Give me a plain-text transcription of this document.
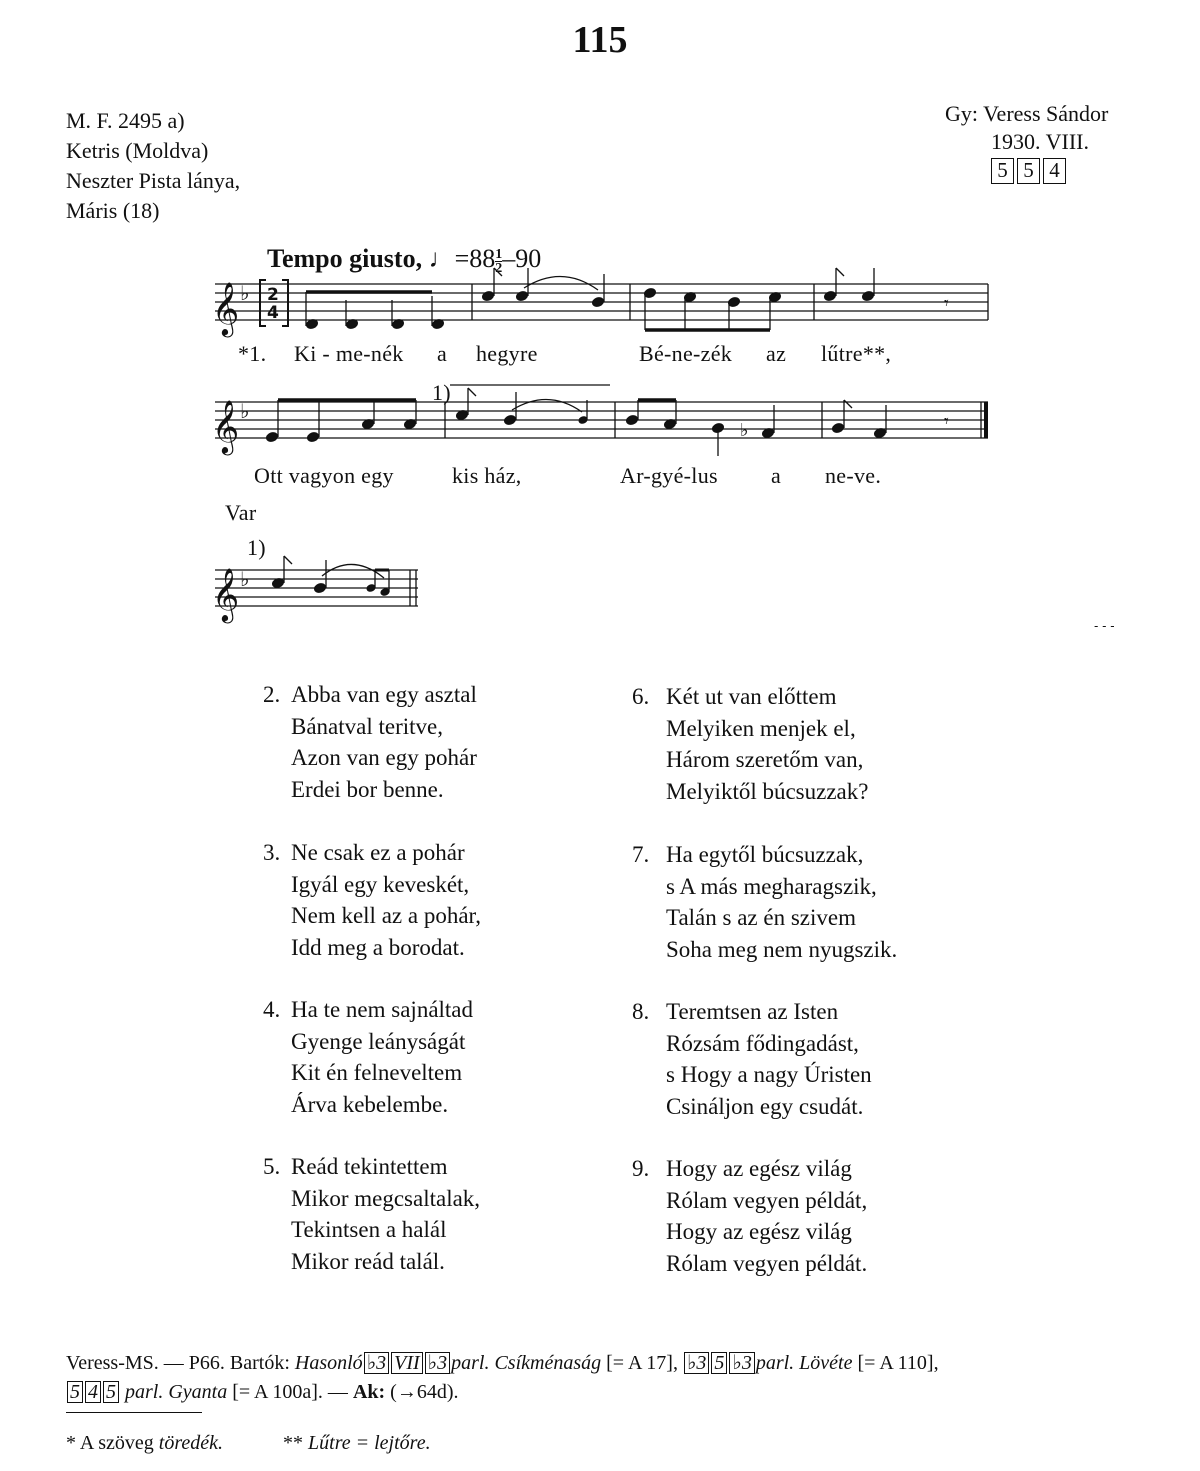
115
M. F. 2495 a)
Ketris (Moldva)
Neszter Pista lánya,
Máris (18)
Gy: Veress Sándor
1930. VIII.
5 5 4
Tempo giusto, ♩=88 $\frac{1}{2} -90$
𝄞
𝄞
𝄞
♭
♭
♭
2
4	𝄾
𝄾
♭
- - -
*1. Ki - me-nék a hegyre	Bé-ne-zék az lűtre**,
1)
Ott vagyon egy	kis ház,	Ar-gyé-lus a ne-ve.
Var
1)
2. Abba van egy asztal
Bánatval teritve,
Azon van egy pohár
Erdei bor benne.
3. Ne csak ez a pohár
Igyál egy keveskét,
Nem kell az a pohár,
Idd meg a borodat.
4. Ha te nem sajnáltad
Gyenge leányságát
Kit én felneveltem
Árva kebelembe.
5. Reád tekintettem
Mikor megcsaltalak,
Tekintsen a halál
Mikor reád talál.
6. Két ut van előttem
Melyiken menjek el,
Három szeretőm van,
Melyiktől búcsuzzak?
7. Ha egytől búcsuzzak,
s A más megharagszik,
Talán s az én szivem
Soha meg nem nyugszik.
8. Teremtsen az Isten
Rózsám fődingadást,
s Hogy a nagy Úristen
Csináljon egy csudát.
9. Hogy az egész világ
Rólam vegyen példát,
Hogy az egész világ
Rólam vegyen példát.
Veress-MS. — P66. Bartók: Hasonló ♭3 VII ♭3 parl. Csíkménaság [= A 17], ♭3 5 ♭3 parl. Lövéte [= A 110],
5 4 5 parl. Gyanta [= A 100a]. — Ak: (→64d).
* A szöveg töredék.	** Lűtre = lejtőre.
